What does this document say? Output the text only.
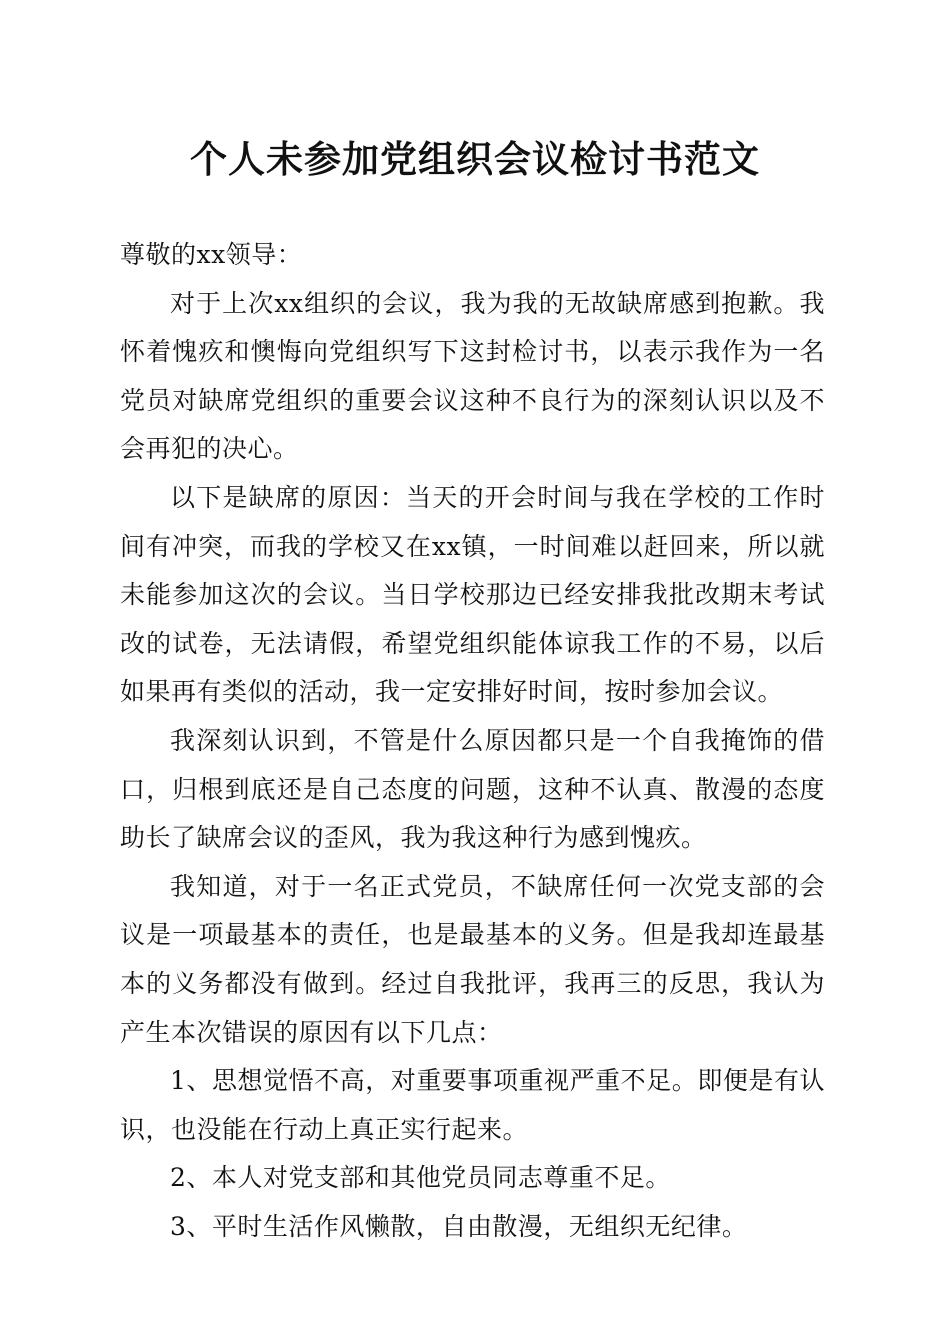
个人未参加党组织会议检讨书范文

尊敬的xx领导：

对于上次xx组织的会议，我为我的无故缺席感到抱歉。我怀着愧疚和懊悔向党组织写下这封检讨书，以表示我作为一名党员对缺席党组织的重要会议这种不良行为的深刻认识以及不会再犯的决心。

以下是缺席的原因：当天的开会时间与我在学校的工作时间有冲突，而我的学校又在xx镇，一时间难以赶回来，所以就未能参加这次的会议。当日学校那边已经安排我批改期末考试改的试卷，无法请假，希望党组织能体谅我工作的不易，以后如果再有类似的活动，我一定安排好时间，按时参加会议。

我深刻认识到，不管是什么原因都只是一个自我掩饰的借口，归根到底还是自己态度的问题，这种不认真、散漫的态度助长了缺席会议的歪风，我为我这种行为感到愧疚。

我知道，对于一名正式党员，不缺席任何一次党支部的会议是一项最基本的责任，也是最基本的义务。但是我却连最基本的义务都没有做到。经过自我批评，我再三的反思，我认为产生本次错误的原因有以下几点：

1、思想觉悟不高，对重要事项重视严重不足。即便是有认识，也没能在行动上真正实行起来。

2、本人对党支部和其他党员同志尊重不足。

3、平时生活作风懒散，自由散漫，无组织无纪律。
